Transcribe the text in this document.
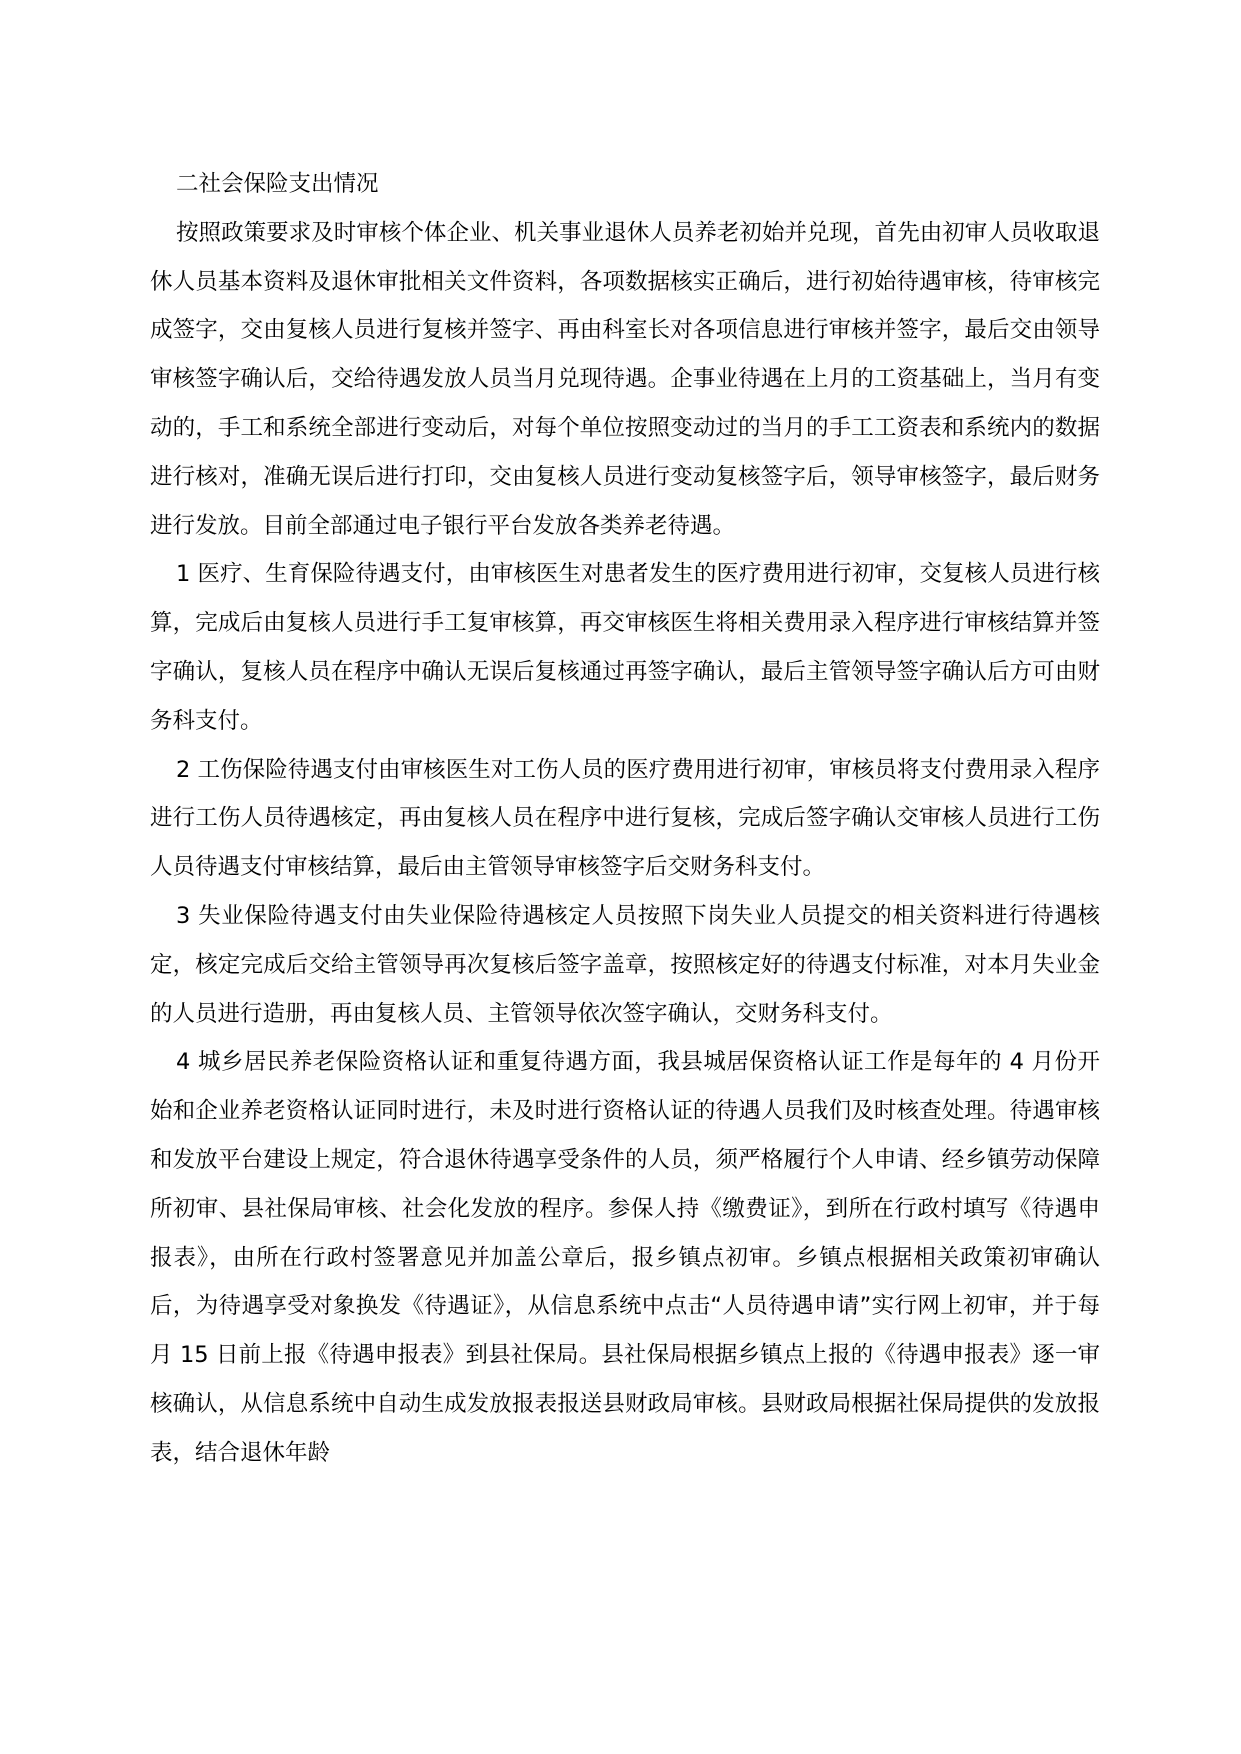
二社会保险支出情况

按照政策要求及时审核个体企业、机关事业退休人员养老初始并兑现，首先由初审人员收取退休人员基本资料及退休审批相关文件资料，各项数据核实正确后，进行初始待遇审核，待审核完成签字，交由复核人员进行复核并签字、再由科室长对各项信息进行审核并签字，最后交由领导审核签字确认后，交给待遇发放人员当月兑现待遇。企事业待遇在上月的工资基础上，当月有变动的，手工和系统全部进行变动后，对每个单位按照变动过的当月的手工工资表和系统内的数据进行核对，准确无误后进行打印，交由复核人员进行变动复核签字后，领导审核签字，最后财务进行发放。目前全部通过电子银行平台发放各类养老待遇。

1 医疗、生育保险待遇支付，由审核医生对患者发生的医疗费用进行初审，交复核人员进行核算，完成后由复核人员进行手工复审核算，再交审核医生将相关费用录入程序进行审核结算并签字确认，复核人员在程序中确认无误后复核通过再签字确认，最后主管领导签字确认后方可由财务科支付。

2 工伤保险待遇支付由审核医生对工伤人员的医疗费用进行初审，审核员将支付费用录入程序进行工伤人员待遇核定，再由复核人员在程序中进行复核，完成后签字确认交审核人员进行工伤人员待遇支付审核结算，最后由主管领导审核签字后交财务科支付。

3 失业保险待遇支付由失业保险待遇核定人员按照下岗失业人员提交的相关资料进行待遇核定，核定完成后交给主管领导再次复核后签字盖章，按照核定好的待遇支付标准，对本月失业金的人员进行造册，再由复核人员、主管领导依次签字确认，交财务科支付。

4 城乡居民养老保险资格认证和重复待遇方面，我县城居保资格认证工作是每年的 4 月份开始和企业养老资格认证同时进行，未及时进行资格认证的待遇人员我们及时核查处理。待遇审核和发放平台建设上规定，符合退休待遇享受条件的人员，须严格履行个人申请、经乡镇劳动保障所初审、县社保局审核、社会化发放的程序。参保人持《缴费证》，到所在行政村填写《待遇申报表》，由所在行政村签署意见并加盖公章后，报乡镇点初审。乡镇点根据相关政策初审确认后，为待遇享受对象换发《待遇证》，从信息系统中点击“人员待遇申请”实行网上初审，并于每月 15 日前上报《待遇申报表》到县社保局。县社保局根据乡镇点上报的《待遇申报表》逐一审核确认，从信息系统中自动生成发放报表报送县财政局审核。县财政局根据社保局提供的发放报表，结合退休年龄
